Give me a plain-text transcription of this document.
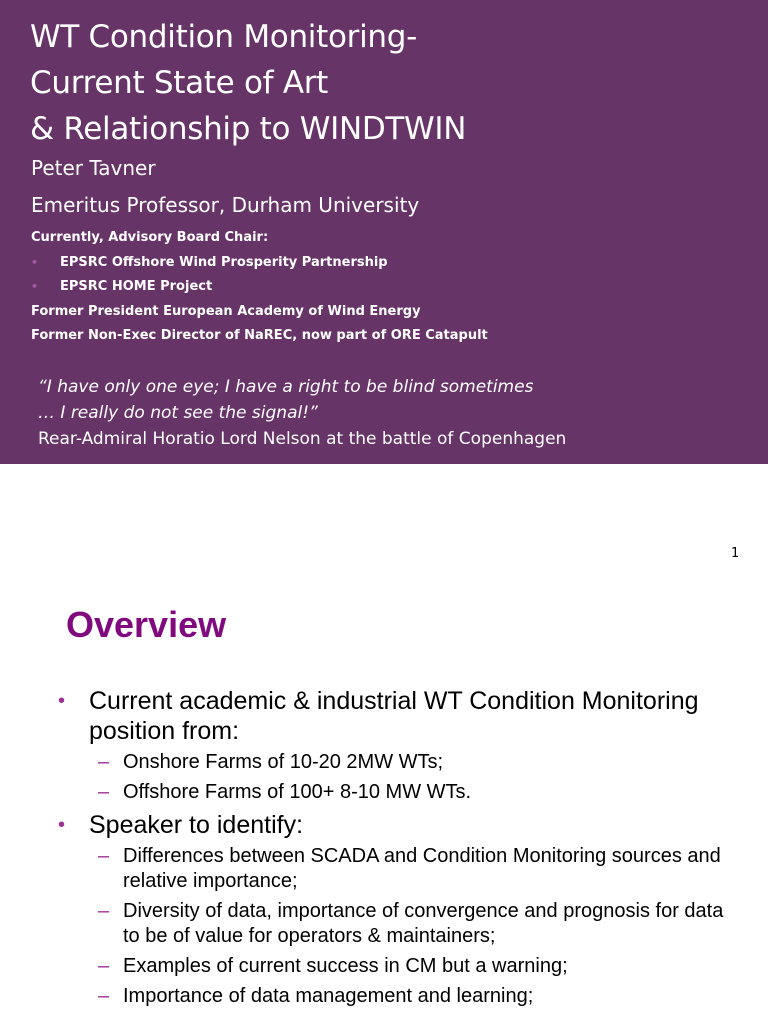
WT Condition Monitoring-
Current State of Art
& Relationship to WINDTWIN
Peter Tavner
Emeritus Professor, Durham University
Currently, Advisory Board Chair:
• EPSRC Offshore Wind Prosperity Partnership
• EPSRC HOME Project
Former President European Academy of Wind Energy
Former Non-Exec Director of NaREC, now part of ORE Catapult
“I have only one eye; I have a right to be blind sometimes
… I really do not see the signal!”
Rear-Admiral Horatio Lord Nelson at the battle of Copenhagen
1
Overview
• Current academic & industrial WT Condition Monitoring position from:
– Onshore Farms of 10-20 2MW WTs;
– Offshore Farms of 100+ 8-10 MW WTs.
• Speaker to identify:
– Differences between SCADA and Condition Monitoring sources and relative importance;
– Diversity of data, importance of convergence and prognosis for data to be of value for operators & maintainers;
– Examples of current success in CM but a warning;
– Importance of data management and learning;
